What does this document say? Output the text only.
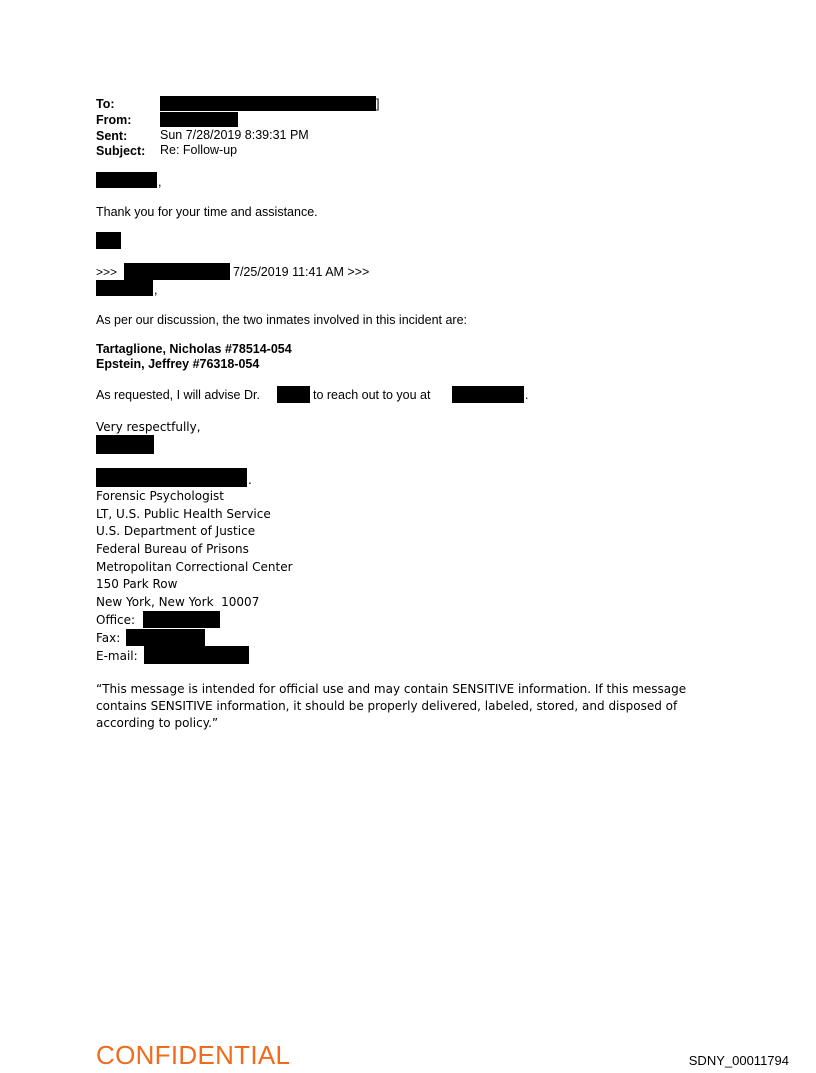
To:	]
From:
Sent:	Sun 7/28/2019 8:39:31 PM
Subject: Re: Follow-up
,
Thank you for your time and assistance.
>>>	7/25/2019 11:41 AM >>>
,
As per our discussion, the two inmates involved in this incident are:
Tartaglione, Nicholas #78514-054
Epstein, Jeffrey #76318-054
As requested, I will advise Dr.	to reach out to you at	.
Very respectfully,
.
Forensic Psychologist
LT, U.S. Public Health Service
U.S. Department of Justice
Federal Bureau of Prisons
Metropolitan Correctional Center
150 Park Row
New York, New York  10007
Office:
Fax:
E-mail:
“This message is intended for official use and may contain SENSITIVE information. If this message contains SENSITIVE information, it should be properly delivered, labeled, stored, and disposed of according to policy.”
CONFIDENTIAL	SDNY_00011794
